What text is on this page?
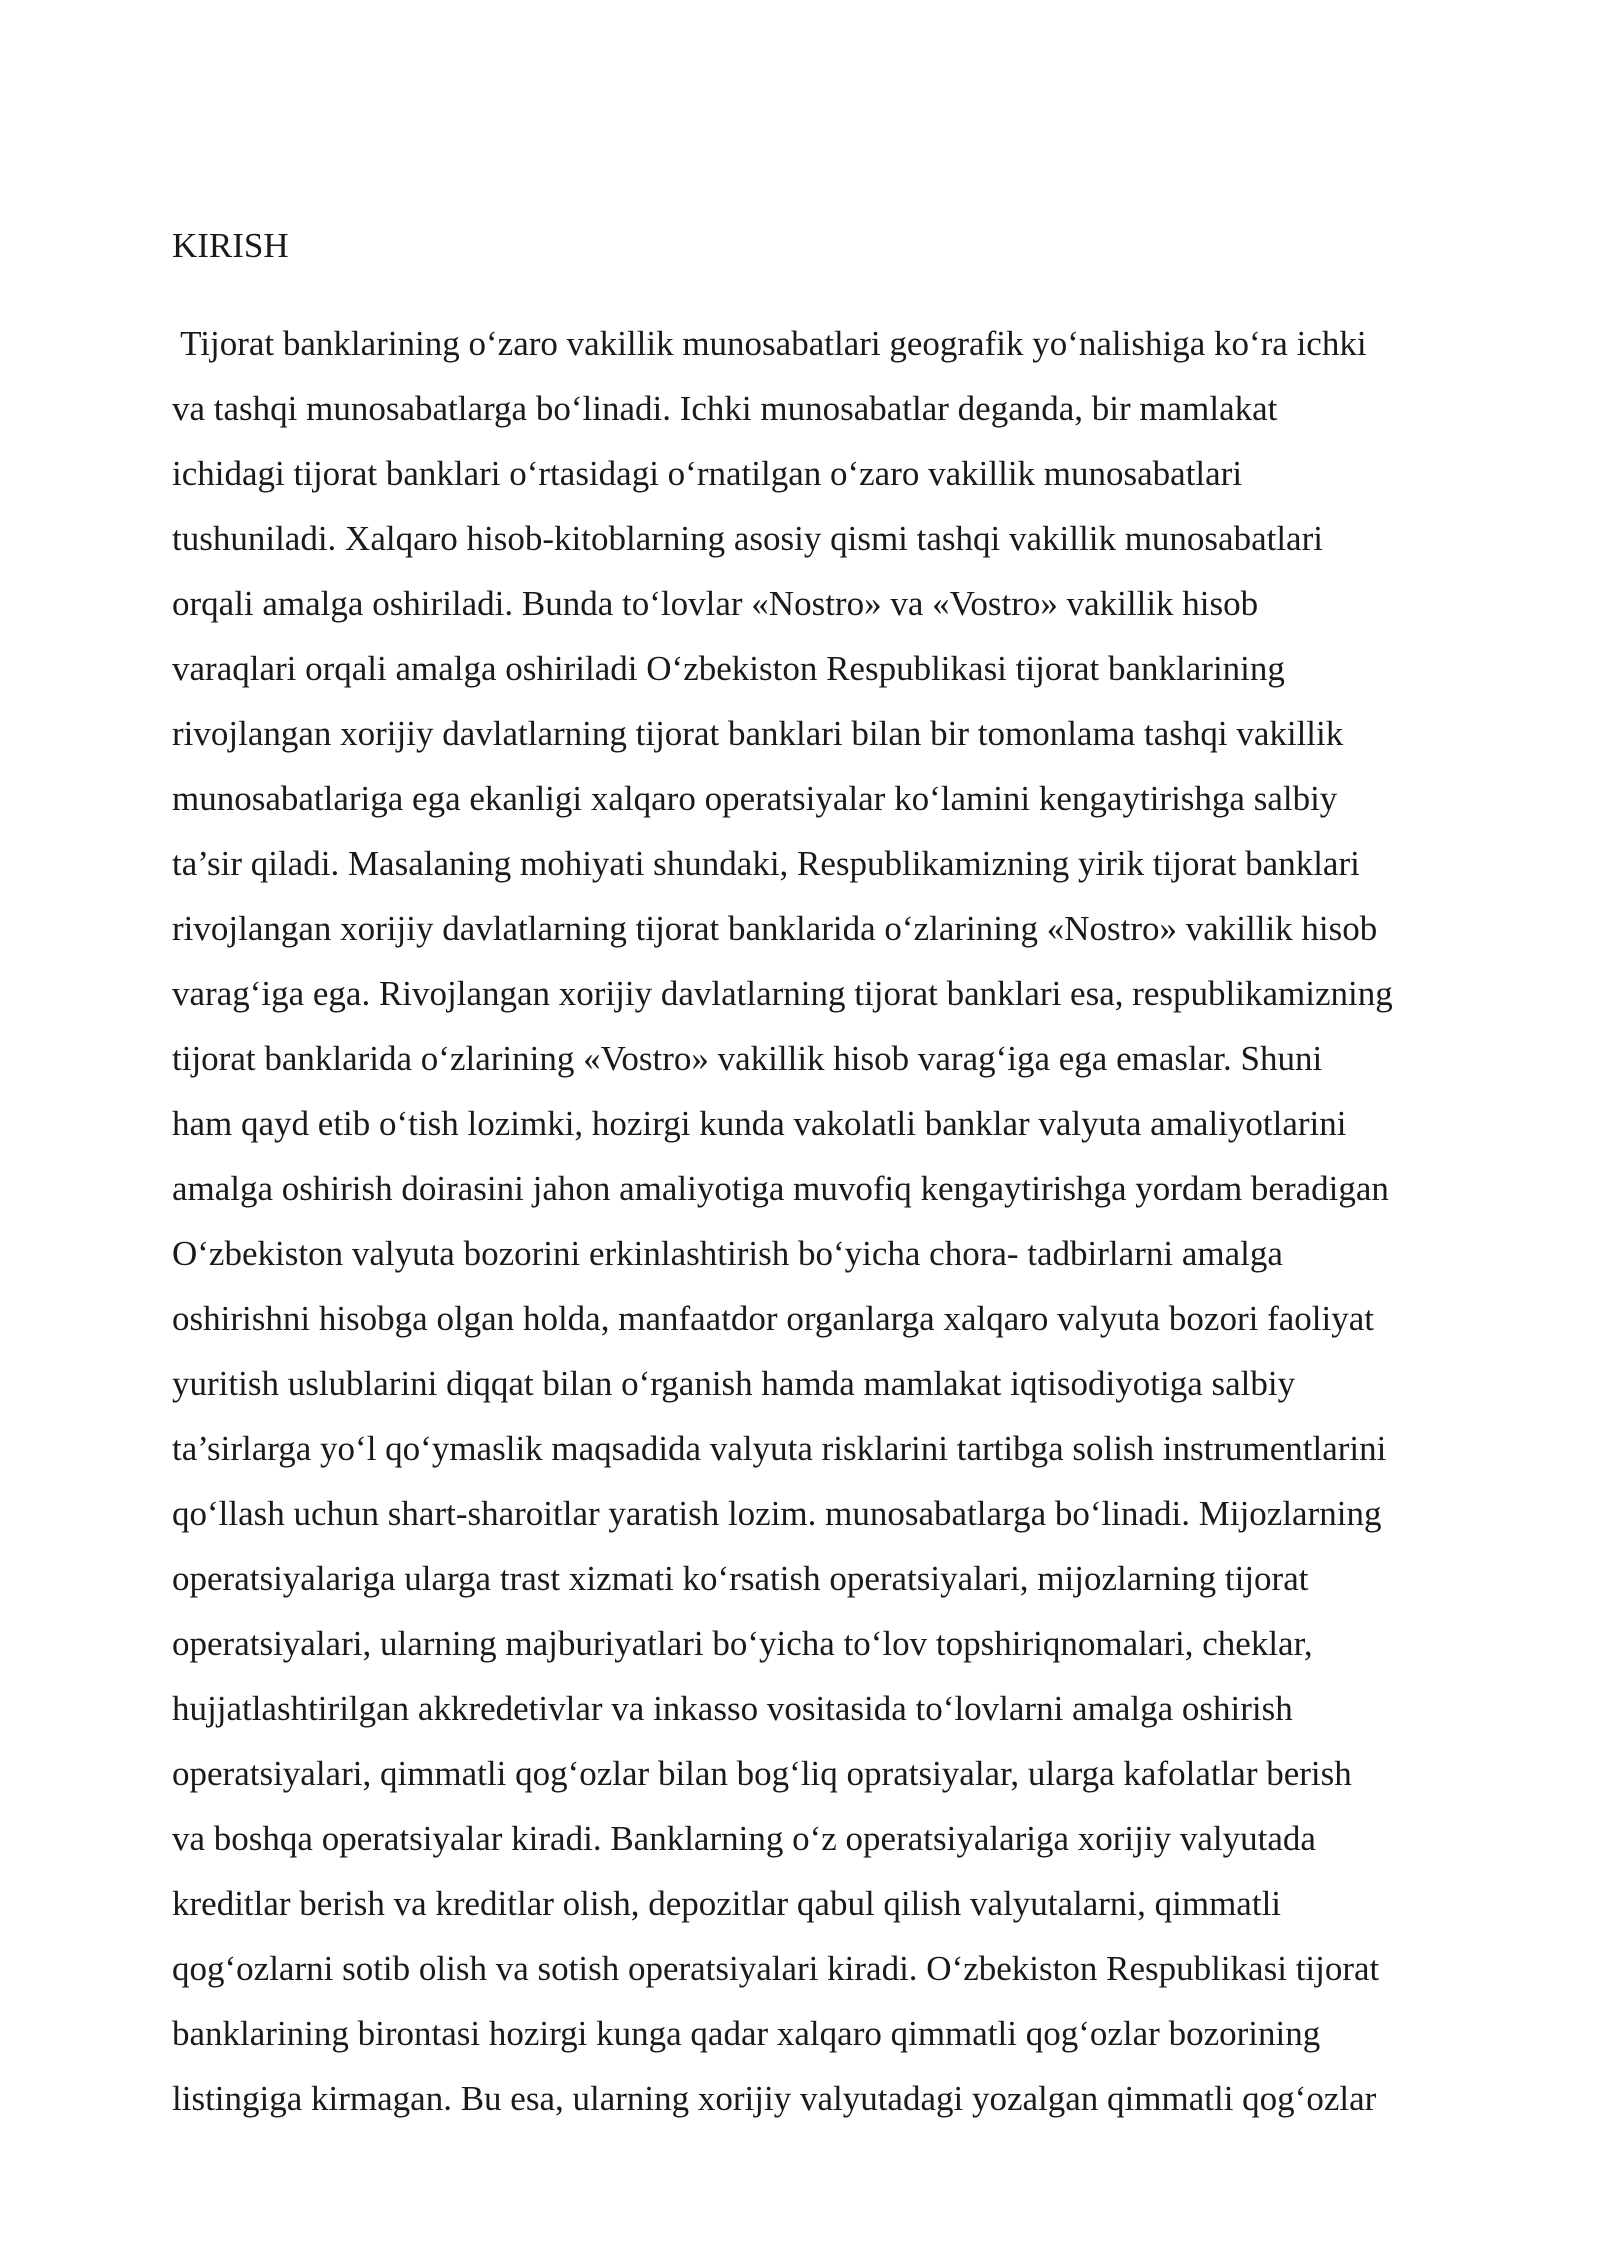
KIRISH
Tijorat banklarining o‘zaro vakillik munosabatlari geografik yo‘nalishiga ko‘ra ichki
va tashqi munosabatlarga bo‘linadi. Ichki munosabatlar deganda, bir mamlakat
ichidagi tijorat banklari o‘rtasidagi o‘rnatilgan o‘zaro vakillik munosabatlari
tushuniladi. Xalqaro hisob-kitoblarning asosiy qismi tashqi vakillik munosabatlari
orqali amalga oshiriladi. Bunda to‘lovlar «Nostro» va «Vostro» vakillik hisob
varaqlari orqali amalga oshiriladi O‘zbekiston Respublikasi tijorat banklarining
rivojlangan xorijiy davlatlarning tijorat banklari bilan bir tomonlama tashqi vakillik
munosabatlariga ega ekanligi xalqaro operatsiyalar ko‘lamini kengaytirishga salbiy
ta’sir qiladi. Masalaning mohiyati shundaki, Respublikamizning yirik tijorat banklari
rivojlangan xorijiy davlatlarning tijorat banklarida o‘zlarining «Nostro» vakillik hisob
varag‘iga ega. Rivojlangan xorijiy davlatlarning tijorat banklari esa, respublikamizning
tijorat banklarida o‘zlarining «Vostro» vakillik hisob varag‘iga ega emaslar. Shuni
ham qayd etib o‘tish lozimki, hozirgi kunda vakolatli banklar valyuta amaliyotlarini
amalga oshirish doirasini jahon amaliyotiga muvofiq kengaytirishga yordam beradigan
O‘zbekiston valyuta bozorini erkinlashtirish bo‘yicha chora- tadbirlarni amalga
oshirishni hisobga olgan holda, manfaatdor organlarga xalqaro valyuta bozori faoliyat
yuritish uslublarini diqqat bilan o‘rganish hamda mamlakat iqtisodiyotiga salbiy
ta’sirlarga yo‘l qo‘ymaslik maqsadida valyuta risklarini tartibga solish instrumentlarini
qo‘llash uchun shart-sharoitlar yaratish lozim. munosabatlarga bo‘linadi. Mijozlarning
operatsiyalariga ularga trast xizmati ko‘rsatish operatsiyalari, mijozlarning tijorat
operatsiyalari, ularning majburiyatlari bo‘yicha to‘lov topshiriqnomalari, cheklar,
hujjatlashtirilgan akkredetivlar va inkasso vositasida to‘lovlarni amalga oshirish
operatsiyalari, qimmatli qog‘ozlar bilan bog‘liq opratsiyalar, ularga kafolatlar berish
va boshqa operatsiyalar kiradi. Banklarning o‘z operatsiyalariga xorijiy valyutada
kreditlar berish va kreditlar olish, depozitlar qabul qilish valyutalarni, qimmatli
qog‘ozlarni sotib olish va sotish operatsiyalari kiradi. O‘zbekiston Respublikasi tijorat
banklarining birontasi hozirgi kunga qadar xalqaro qimmatli qog‘ozlar bozorining
listingiga kirmagan. Bu esa, ularning xorijiy valyutadagi yozalgan qimmatli qog‘ozlar
